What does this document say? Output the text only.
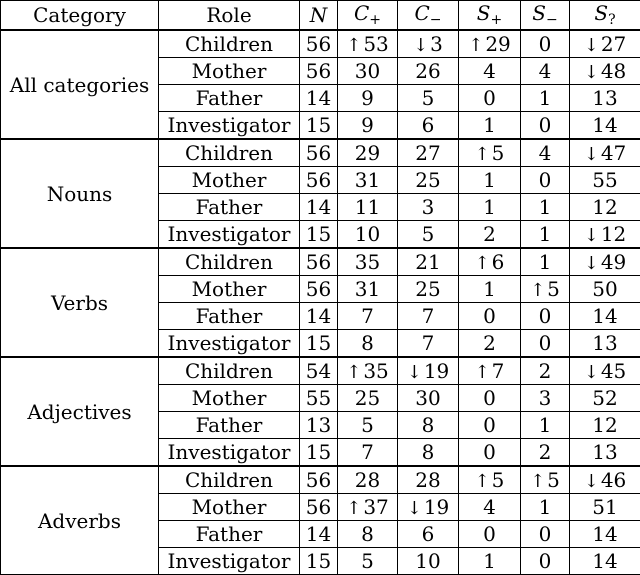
Category	Role	N	$C_+$	$C_-$	$S_+$	$S_-$	$S_?$
All categories	Children	56	↑ 53	↓ 3	↑ 29	0	↓ 27
	Mother	56	30	26	4	4	↓ 48
	Father	14	9	5	0	1	13
	Investigator	15	9	6	1	0	14
Nouns	Children	56	29	27	↑ 5	4	↓ 47
	Mother	56	31	25	1	0	55
	Father	14	11	3	1	1	12
	Investigator	15	10	5	2	1	↓ 12
Verbs	Children	56	35	21	↑ 6	1	↓ 49
	Mother	56	31	25	1	↑ 5	50
	Father	14	7	7	0	0	14
	Investigator	15	8	7	2	0	13
Adjectives	Children	54	↑ 35	↓ 19	↑ 7	2	↓ 45
	Mother	55	25	30	0	3	52
	Father	13	5	8	0	1	12
	Investigator	15	7	8	0	2	13
Adverbs	Children	56	28	28	↑ 5	↑ 5	↓ 46
	Mother	56	↑ 37	↓ 19	4	1	51
	Father	14	8	6	0	0	14
	Investigator	15	5	10	1	0	14
